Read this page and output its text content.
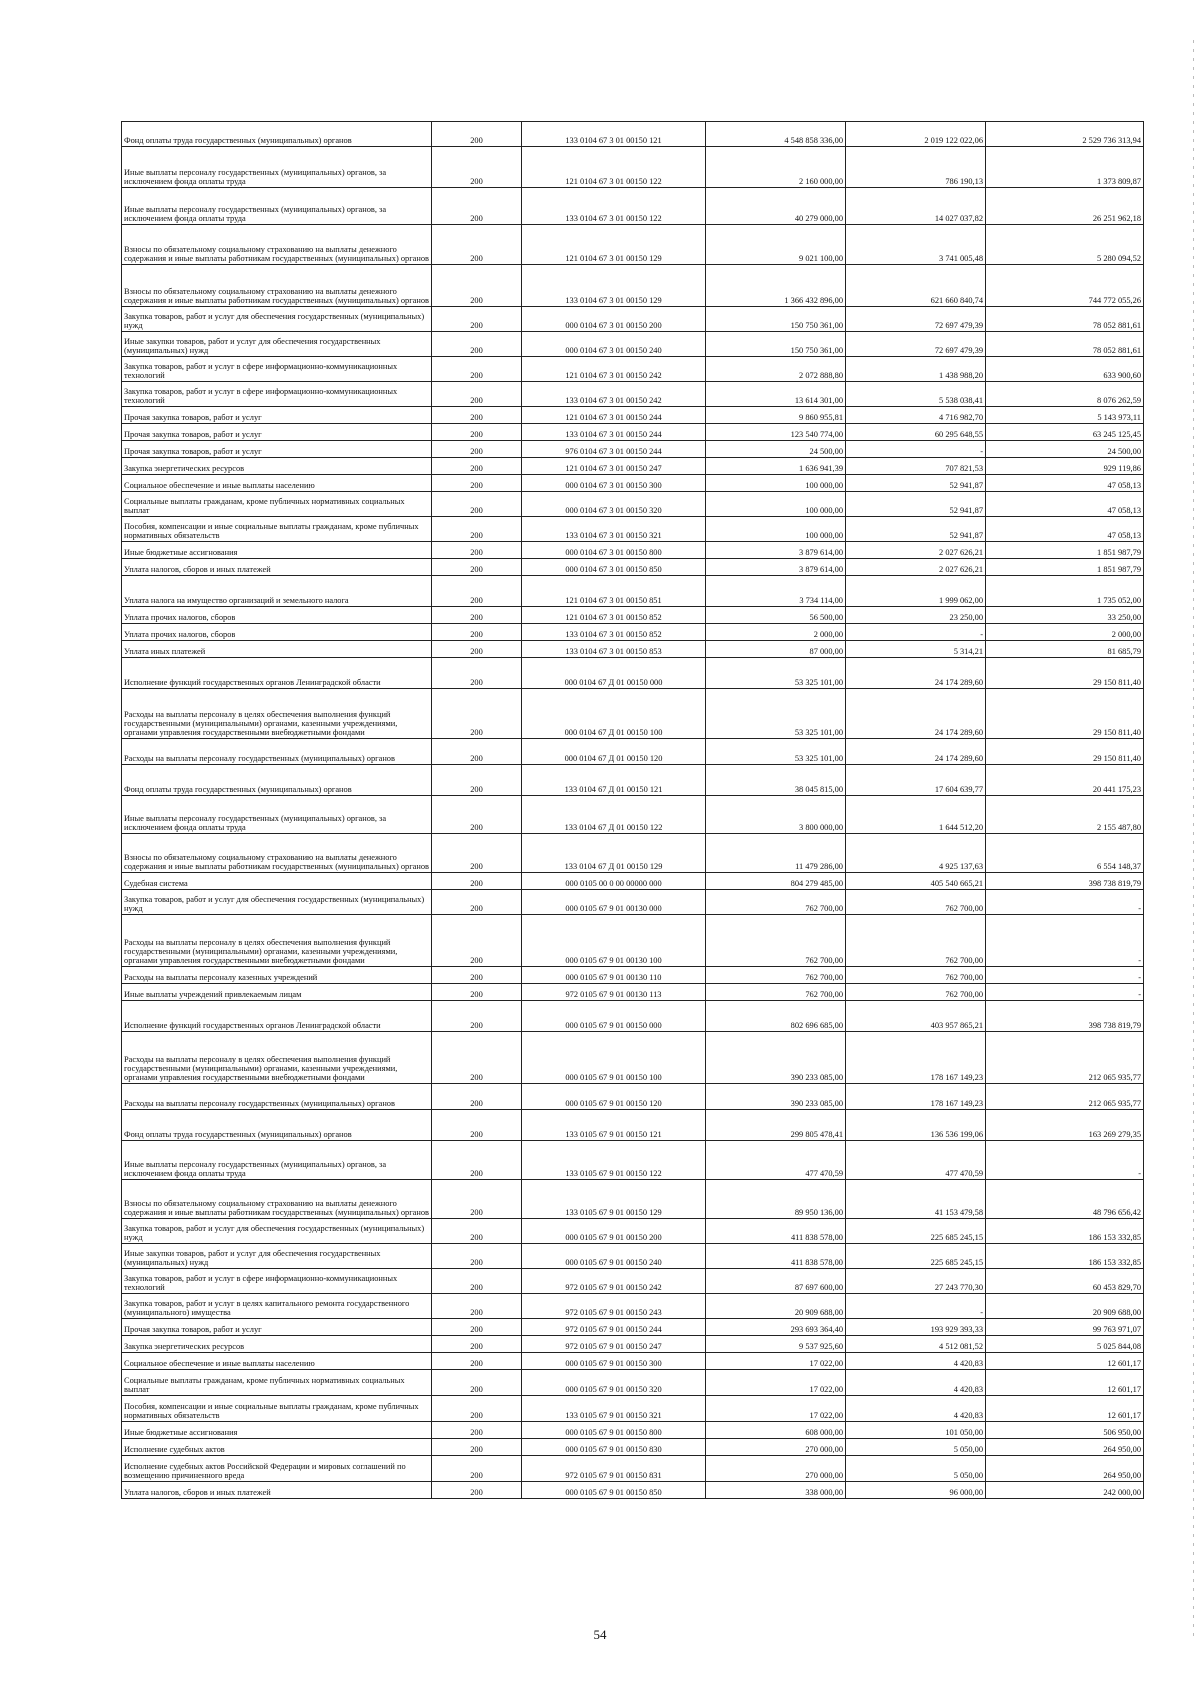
Фонд оплаты труда государственных (муниципальных) органов	200	133 0104 67 3 01 00150 121	4 548 858 336,00	2 019 122 022,06	2 529 736 313,94
Иные выплаты персоналу государственных (муниципальных) органов, за исключением фонда оплаты труда	200	121 0104 67 3 01 00150 122	2 160 000,00	786 190,13	1 373 809,87
Иные выплаты персоналу государственных (муниципальных) органов, за исключением фонда оплаты труда	200	133 0104 67 3 01 00150 122	40 279 000,00	14 027 037,82	26 251 962,18
Взносы по обязательному социальному страхованию на выплаты денежного содержания и иные выплаты работникам государственных (муниципальных) органов	200	121 0104 67 3 01 00150 129	9 021 100,00	3 741 005,48	5 280 094,52
Взносы по обязательному социальному страхованию на выплаты денежного содержания и иные выплаты работникам государственных (муниципальных) органов	200	133 0104 67 3 01 00150 129	1 366 432 896,00	621 660 840,74	744 772 055,26
Закупка товаров, работ и услуг для обеспечения государственных (муниципальных) нужд	200	000 0104 67 3 01 00150 200	150 750 361,00	72 697 479,39	78 052 881,61
Иные закупки товаров, работ и услуг для обеспечения государственных (муниципальных) нужд	200	000 0104 67 3 01 00150 240	150 750 361,00	72 697 479,39	78 052 881,61
Закупка товаров, работ и услуг в сфере информационно-коммуникационных технологий	200	121 0104 67 3 01 00150 242	2 072 888,80	1 438 988,20	633 900,60
Закупка товаров, работ и услуг в сфере информационно-коммуникационных технологий	200	133 0104 67 3 01 00150 242	13 614 301,00	5 538 038,41	8 076 262,59
Прочая закупка товаров, работ и услуг	200	121 0104 67 3 01 00150 244	9 860 955,81	4 716 982,70	5 143 973,11
Прочая закупка товаров, работ и услуг	200	133 0104 67 3 01 00150 244	123 540 774,00	60 295 648,55	63 245 125,45
Прочая закупка товаров, работ и услуг	200	976 0104 67 3 01 00150 244	24 500,00	-	24 500,00
Закупка энергетических ресурсов	200	121 0104 67 3 01 00150 247	1 636 941,39	707 821,53	929 119,86
Социальное обеспечение и иные выплаты населению	200	000 0104 67 3 01 00150 300	100 000,00	52 941,87	47 058,13
Социальные выплаты гражданам, кроме публичных нормативных социальных выплат	200	000 0104 67 3 01 00150 320	100 000,00	52 941,87	47 058,13
Пособия, компенсации и иные социальные выплаты гражданам, кроме публичных нормативных обязательств	200	133 0104 67 3 01 00150 321	100 000,00	52 941,87	47 058,13
Иные бюджетные ассигнования	200	000 0104 67 3 01 00150 800	3 879 614,00	2 027 626,21	1 851 987,79
Уплата налогов, сборов и иных платежей	200	000 0104 67 3 01 00150 850	3 879 614,00	2 027 626,21	1 851 987,79
Уплата налога на имущество организаций и земельного налога	200	121 0104 67 3 01 00150 851	3 734 114,00	1 999 062,00	1 735 052,00
Уплата прочих налогов, сборов	200	121 0104 67 3 01 00150 852	56 500,00	23 250,00	33 250,00
Уплата прочих налогов, сборов	200	133 0104 67 3 01 00150 852	2 000,00	-	2 000,00
Уплата иных платежей	200	133 0104 67 3 01 00150 853	87 000,00	5 314,21	81 685,79
Исполнение функций государственных органов Ленинградской области	200	000 0104 67 Д 01 00150 000	53 325 101,00	24 174 289,60	29 150 811,40
Расходы на выплаты персоналу в целях обеспечения выполнения функций государственными (муниципальными) органами, казенными учреждениями, органами управления государственными внебюджетными фондами	200	000 0104 67 Д 01 00150 100	53 325 101,00	24 174 289,60	29 150 811,40
Расходы на выплаты персоналу государственных (муниципальных) органов	200	000 0104 67 Д 01 00150 120	53 325 101,00	24 174 289,60	29 150 811,40
Фонд оплаты труда государственных (муниципальных) органов	200	133 0104 67 Д 01 00150 121	38 045 815,00	17 604 639,77	20 441 175,23
Иные выплаты персоналу государственных (муниципальных) органов, за исключением фонда оплаты труда	200	133 0104 67 Д 01 00150 122	3 800 000,00	1 644 512,20	2 155 487,80
Взносы по обязательному социальному страхованию на выплаты денежного содержания и иные выплаты работникам государственных (муниципальных) органов	200	133 0104 67 Д 01 00150 129	11 479 286,00	4 925 137,63	6 554 148,37
Судебная система	200	000 0105 00 0 00 00000 000	804 279 485,00	405 540 665,21	398 738 819,79
Закупка товаров, работ и услуг для обеспечения государственных (муниципальных) нужд	200	000 0105 67 9 01 00130 000	762 700,00	762 700,00	-
Расходы на выплаты персоналу в целях обеспечения выполнения функций государственными (муниципальными) органами, казенными учреждениями, органами управления государственными внебюджетными фондами	200	000 0105 67 9 01 00130 100	762 700,00	762 700,00	-
Расходы на выплаты персоналу казенных учреждений	200	000 0105 67 9 01 00130 110	762 700,00	762 700,00	-
Иные выплаты учреждений привлекаемым лицам	200	972 0105 67 9 01 00130 113	762 700,00	762 700,00	-
Исполнение функций государственных органов Ленинградской области	200	000 0105 67 9 01 00150 000	802 696 685,00	403 957 865,21	398 738 819,79
Расходы на выплаты персоналу в целях обеспечения выполнения функций государственными (муниципальными) органами, казенными учреждениями, органами управления государственными внебюджетными фондами	200	000 0105 67 9 01 00150 100	390 233 085,00	178 167 149,23	212 065 935,77
Расходы на выплаты персоналу государственных (муниципальных) органов	200	000 0105 67 9 01 00150 120	390 233 085,00	178 167 149,23	212 065 935,77
Фонд оплаты труда государственных (муниципальных) органов	200	133 0105 67 9 01 00150 121	299 805 478,41	136 536 199,06	163 269 279,35
Иные выплаты персоналу государственных (муниципальных) органов, за исключением фонда оплаты труда	200	133 0105 67 9 01 00150 122	477 470,59	477 470,59	-
Взносы по обязательному социальному страхованию на выплаты денежного содержания и иные выплаты работникам государственных (муниципальных) органов	200	133 0105 67 9 01 00150 129	89 950 136,00	41 153 479,58	48 796 656,42
Закупка товаров, работ и услуг для обеспечения государственных (муниципальных) нужд	200	000 0105 67 9 01 00150 200	411 838 578,00	225 685 245,15	186 153 332,85
Иные закупки товаров, работ и услуг для обеспечения государственных (муниципальных) нужд	200	000 0105 67 9 01 00150 240	411 838 578,00	225 685 245,15	186 153 332,85
Закупка товаров, работ и услуг в сфере информационно-коммуникационных технологий	200	972 0105 67 9 01 00150 242	87 697 600,00	27 243 770,30	60 453 829,70
Закупка товаров, работ и услуг в целях капитального ремонта государственного (муниципального) имущества	200	972 0105 67 9 01 00150 243	20 909 688,00	-	20 909 688,00
Прочая закупка товаров, работ и услуг	200	972 0105 67 9 01 00150 244	293 693 364,40	193 929 393,33	99 763 971,07
Закупка энергетических ресурсов	200	972 0105 67 9 01 00150 247	9 537 925,60	4 512 081,52	5 025 844,08
Социальное обеспечение и иные выплаты населению	200	000 0105 67 9 01 00150 300	17 022,00	4 420,83	12 601,17
Социальные выплаты гражданам, кроме публичных нормативных социальных выплат	200	000 0105 67 9 01 00150 320	17 022,00	4 420,83	12 601,17
Пособия, компенсации и иные социальные выплаты гражданам, кроме публичных нормативных обязательств	200	133 0105 67 9 01 00150 321	17 022,00	4 420,83	12 601,17
Иные бюджетные ассигнования	200	000 0105 67 9 01 00150 800	608 000,00	101 050,00	506 950,00
Исполнение судебных актов	200	000 0105 67 9 01 00150 830	270 000,00	5 050,00	264 950,00
Исполнение судебных актов Российской Федерации и мировых соглашений по возмещению причиненного вреда	200	972 0105 67 9 01 00150 831	270 000,00	5 050,00	264 950,00
Уплата налогов, сборов и иных платежей	200	000 0105 67 9 01 00150 850	338 000,00	96 000,00	242 000,00
54
